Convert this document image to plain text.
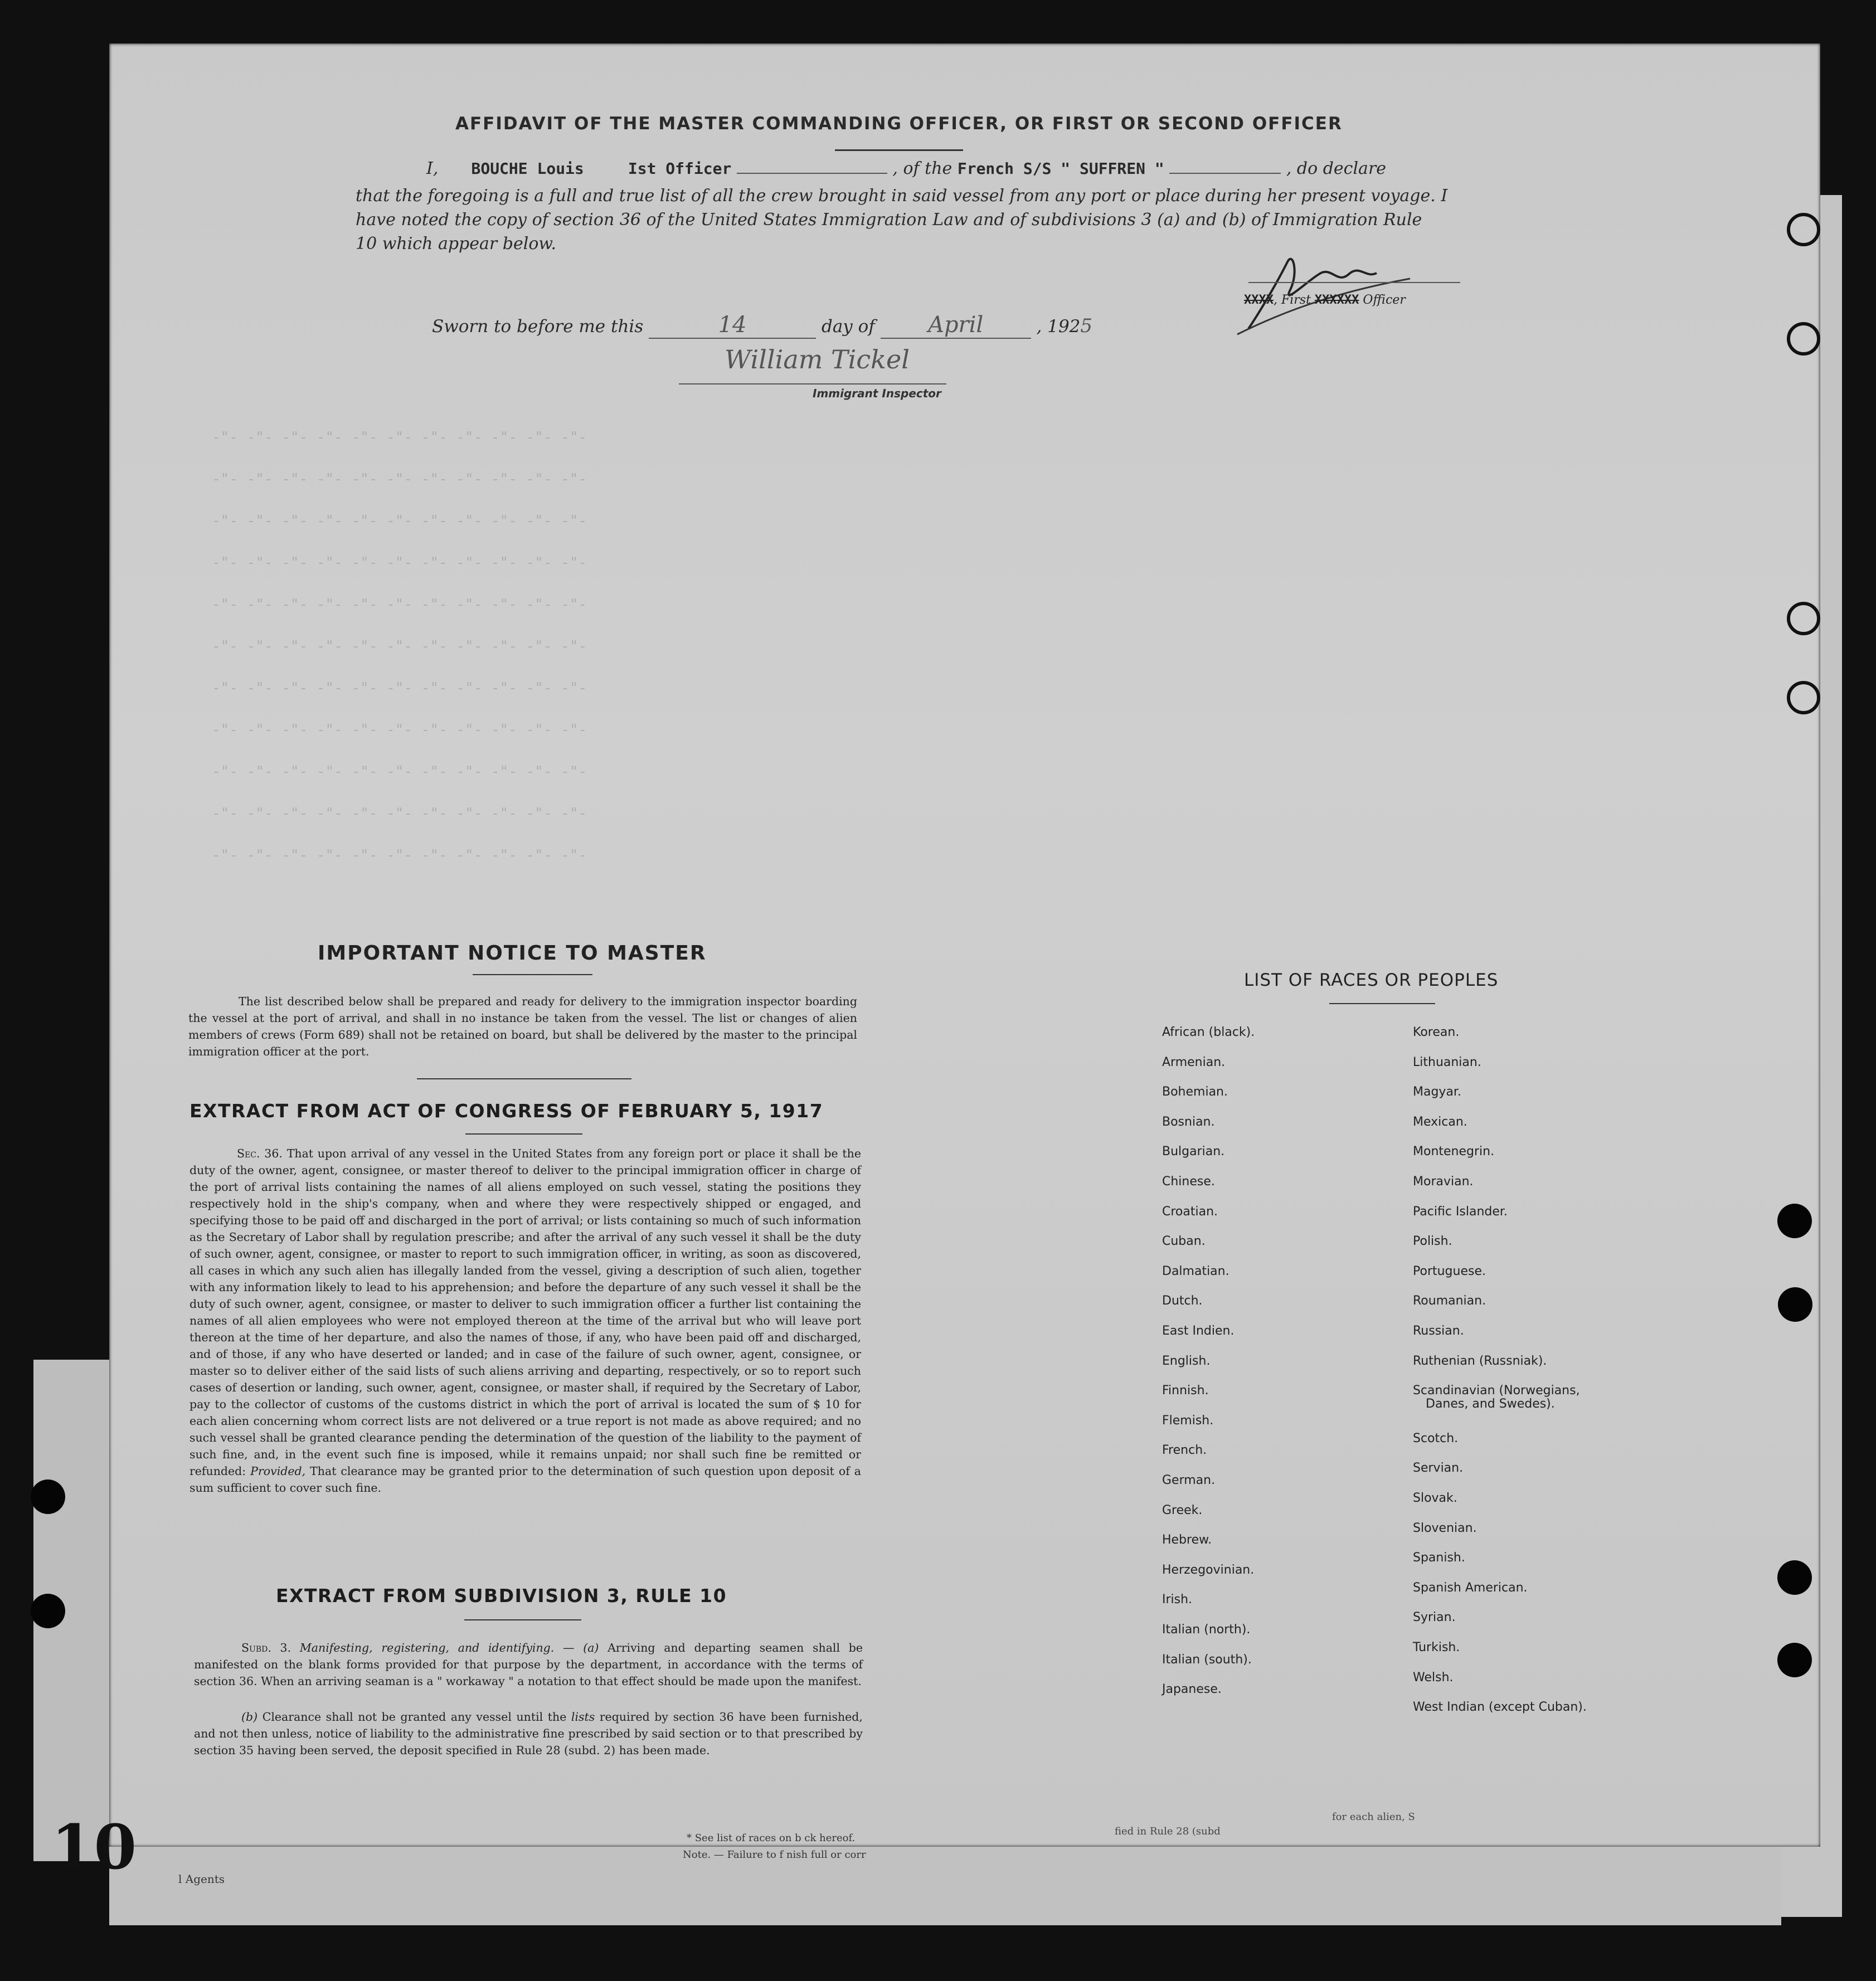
-"- -"- -"- -"- -"- -"- -"- -"- -"- -"- -"-
-"- -"- -"- -"- -"- -"- -"- -"- -"- -"- -"-
-"- -"- -"- -"- -"- -"- -"- -"- -"- -"- -"-
-"- -"- -"- -"- -"- -"- -"- -"- -"- -"- -"-
-"- -"- -"- -"- -"- -"- -"- -"- -"- -"- -"-
-"- -"- -"- -"- -"- -"- -"- -"- -"- -"- -"-
-"- -"- -"- -"- -"- -"- -"- -"- -"- -"- -"-
-"- -"- -"- -"- -"- -"- -"- -"- -"- -"- -"-
-"- -"- -"- -"- -"- -"- -"- -"- -"- -"- -"-
-"- -"- -"- -"- -"- -"- -"- -"- -"- -"- -"-
-"- -"- -"- -"- -"- -"- -"- -"- -"- -"- -"-
AFFIDAVIT OF THE MASTER COMMANDING OFFICER, OR FIRST OR SECOND OFFICER
I, BOUCHE Louis	Ist Officer	, of the French S/S " SUFFREN "	, do declare
that the foregoing is a full and true list of all the crew brought in said vessel from any port or place during her present voyage. I have noted the copy of section 36 of the United States Immigration Law and of subdivisions 3 (a) and (b) of Immigration Rule 10 which appear below.
XXXX, First XXXXXX Officer
Sworn to before me this	14	day of April	, 1925
William Tickel
Immigrant Inspector
IMPORTANT NOTICE TO MASTER
The list described below shall be prepared and ready for delivery to the immigration inspector boarding the vessel at the port of arrival, and shall in no instance be taken from the vessel. The list or changes of alien members of crews (Form 689) shall not be retained on board, but shall be delivered by the master to the principal immigration officer at the port.
EXTRACT FROM ACT OF CONGRESS OF FEBRUARY 5, 1917
Sec. 36. That upon arrival of any vessel in the United States from any foreign port or place it shall be the duty of the owner, agent, consignee, or master thereof to deliver to the principal immigration officer in charge of the port of arrival lists containing the names of all aliens employed on such vessel, stating the positions they respectively hold in the ship's company, when and where they were respectively shipped or engaged, and specifying those to be paid off and discharged in the port of arrival; or lists containing so much of such information as the Secretary of Labor shall by regulation prescribe; and after the arrival of any such vessel it shall be the duty of such owner, agent, consignee, or master to report to such immigration officer, in writing, as soon as discovered, all cases in which any such alien has illegally landed from the vessel, giving a description of such alien, together with any information likely to lead to his apprehension; and before the departure of any such vessel it shall be the duty of such owner, agent, consignee, or master to deliver to such immigration officer a further list containing the names of all alien employees who were not employed thereon at the time of the arrival but who will leave port thereon at the time of her departure, and also the names of those, if any, who have been paid off and discharged, and of those, if any who have deserted or landed; and in case of the failure of such owner, agent, consignee, or master so to deliver either of the said lists of such aliens arriving and departing, respectively, or so to report such cases of desertion or landing, such owner, agent, consignee, or master shall, if required by the Secretary of Labor, pay to the collector of customs of the customs district in which the port of arrival is located the sum of $ 10 for each alien concerning whom correct lists are not delivered or a true report is not made as above required; and no such vessel shall be granted clearance pending the determination of the question of the liability to the payment of such fine, and, in the event such fine is imposed, while it remains unpaid; nor shall such fine be remitted or refunded: Provided, That clearance may be granted prior to the determination of such question upon deposit of a sum sufficient to cover such fine.
EXTRACT FROM SUBDIVISION 3, RULE 10
Subd. 3. Manifesting, registering, and identifying. — (a) Arriving and departing seamen shall be manifested on the blank forms provided for that purpose by the department, in accordance with the terms of section 36. When an arriving seaman is a " workaway " a notation to that effect should be made upon the manifest.
(b) Clearance shall not be granted any vessel until the lists required by section 36 have been furnished, and not then unless, notice of liability to the administrative fine prescribed by said section or to that prescribed by section 35 having been served, the deposit specified in Rule 28 (subd. 2) has been made.
LIST OF RACES OR PEOPLES
African (black).
Armenian.
Bohemian.
Bosnian.
Bulgarian.
Chinese.
Croatian.
Cuban.
Dalmatian.
Dutch.
East Indien.
English.
Finnish.
Flemish.
French.
German.
Greek.
Hebrew.
Herzegovinian.
Irish.
Italian (north).
Italian (south).
Japanese.
Korean.
Lithuanian.
Magyar.
Mexican.
Montenegrin.
Moravian.
Pacific Islander.
Polish.
Portuguese.
Roumanian.
Russian.
Ruthenian (Russniak).
Scandinavian (Norwegians,
Danes, and Swedes).
Scotch.
Servian.
Slovak.
Slovenian.
Spanish.
Spanish American.
Syrian.
Turkish.
Welsh.
West Indian (except Cuban).
10	l Agents
* See list of races on b ck hereof.
Note. — Failure to f nish full or corr
fied in Rule 28 (subd
for each alien, S
